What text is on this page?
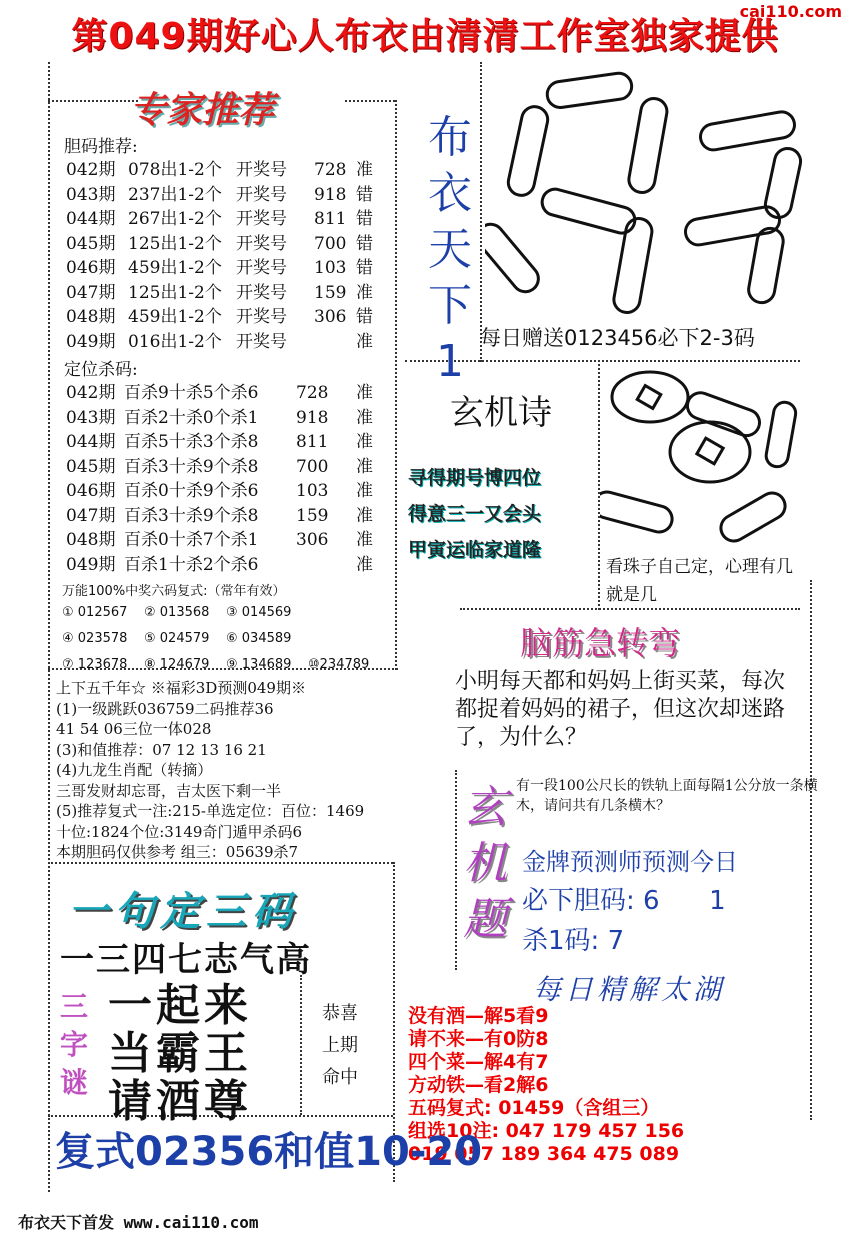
cai110.com
第049期好心人布衣由清清工作室独家提供
专家推荐
胆码推荐:
042期 078出1-2个 开奖号 728 准
043期 237出1-2个 开奖号 918 错
044期 267出1-2个 开奖号 811 错
045期 125出1-2个 开奖号 700 错
046期 459出1-2个 开奖号 103 错
047期 125出1-2个 开奖号 159 准
048期 459出1-2个 开奖号 306 错
049期 016出1-2个 开奖号	准
定位杀码:
042期 百杀9十杀5个杀6 728 准
043期 百杀2十杀0个杀1 918 准
044期 百杀5十杀3个杀8 811 准
045期 百杀3十杀9个杀8 700 准
046期 百杀0十杀9个杀6 103 准
047期 百杀3十杀9个杀8 159 准
048期 百杀0十杀7个杀1 306 准
049期 百杀1十杀2个杀6	准
万能100%中奖六码复式:（常年有效）
① 012567 ② 013568 ③ 014569
④ 023578 ⑤ 024579 ⑥ 034589
⑦ 123678 ⑧ 124679 ⑨ 134689 ⑩234789
上下五千年☆ ※福彩3D预测049期※
(1)一级跳跃036759二码推荐36
41 54 06三位一体028
(3)和值推荐：07 12 13 16 21
(4)九龙生肖配（转摘）
三哥发财却忘哥，吉太医下剩一半
(5)推荐复式一注:215-单选定位：百位：1469
十位:1824个位:3149奇门遁甲杀码6
本期胆码仅供参考 组三：05639杀7
布
衣
天
下
1 每日赠送0123456必下2-3码
玄机诗
寻得期号博四位
得意三一又会头
甲寅运临家道隆
看珠子自己定，心理有几就是几
脑筋急转弯
小明每天都和妈妈上街买菜，每次都捉着妈妈的裙子，但这次却迷路了，为什么？
玄
机
题
有一段100公尺长的铁轨上面每隔1公分放一条横木，请问共有几条横木？
金牌预测师预测今日
必下胆码: 6      1
杀1码: 7
每日精解太湖
没有酒—解5看9
请不来—有0防8
四个菜—解4有7
方动铁—看2解6
五码复式: 01459（含组三）
组选10注: 047 179 457 156
019 057 189 364 475 089
一句定三码
一三四七志气高
三
字
谜
一起来
当霸王
请酒尊
恭喜
上期
命中
复式02356和值10-20
布衣天下首发 www.cai110.com
